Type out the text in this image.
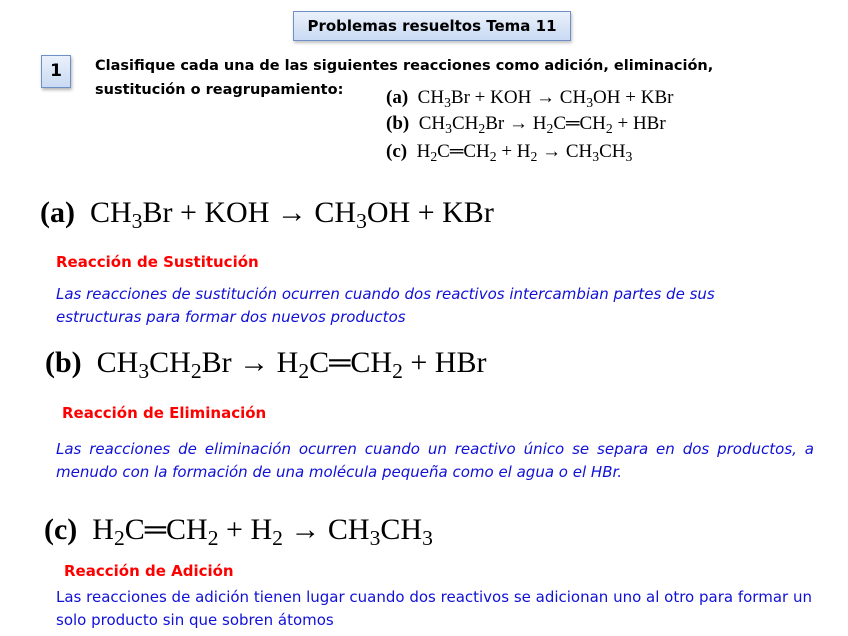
Problemas resueltos Tema 11
1	Clasifique cada una de las siguientes reacciones como adición, eliminación,
sustitución o reagrupamiento: (a) $CH_3Br$ + KOH → $CH_3OH$ + KBr
(b) $CH_3CH_2Br$ → $H_2C═CH_2$ + HBr
(c) $H_2C═CH_2 + H_2 \to CH_3CH_3$
(a) $CH_3Br$ + KOH → $CH_3OH$ + KBr
Reacción de Sustitución
Las reacciones de sustitución ocurren cuando dos reactivos intercambian partes de sus estructuras para formar dos nuevos productos
(b) $CH_3CH_2Br$ → $H_2C═CH_2$ + HBr
Reacción de Eliminación
Las reacciones de eliminación ocurren cuando un reactivo único se separa en dos productos, a menudo con la formación de una molécula pequeña como el agua o el HBr.
(c) $H_2C═CH_2 + H_2 \to CH_3CH_3$
Reacción de Adición
Las reacciones de adición tienen lugar cuando dos reactivos se adicionan uno al otro para formar un solo producto sin que sobren átomos
